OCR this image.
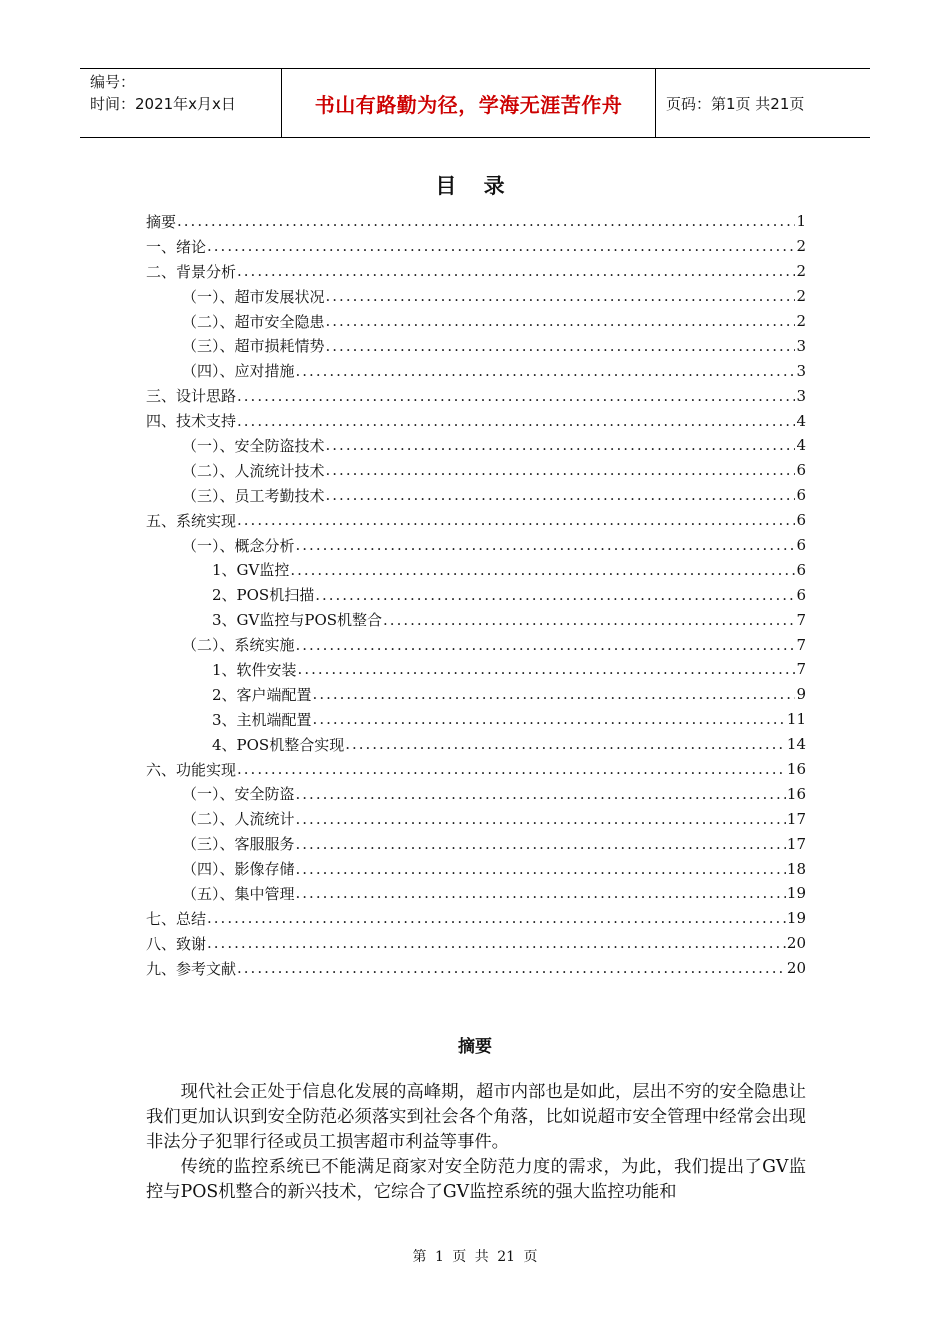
编号：
时间：2021年x月x日	书山有路勤为径，学海无涯苦作舟	页码：第1页 共21页
目 录
摘要 .....	1
一、绪论 .....	2
二、背景分析 .....	2
（一）、超市发展状况 .....	2
（二）、超市安全隐患 .....	2
（三）、超市损耗情势 .....	3
（四）、应对措施 .....	3
三、设计思路 .....	3
四、技术支持 .....	4
（一）、安全防盗技术 .....	4
（二）、人流统计技术 .....	6
（三）、员工考勤技术 .....	6
五、系统实现 .....	6
（一）、概念分析 .....	6
1、GV监控 .....	6
2、POS机扫描 .....	6
3、GV监控与POS机整合 .....	7
（二）、系统实施 .....	7
1、软件安装 .....	7
2、客户端配置 .....	9
3、主机端配置 .....	11
4、POS机整合实现 .....	14
六、功能实现 .....	16
（一）、安全防盗 .....	16
（二）、人流统计 .....	17
（三）、客服服务 .....	17
（四）、影像存储 .....	18
（五）、集中管理 .....	19
七、总结 .....	19
八、致谢 .....	20
九、参考文献 .....	20
摘要

现代社会正处于信息化发展的高峰期，超市内部也是如此，层出不穷的安全隐患让我们更加认识到安全防范必须落实到社会各个角落，比如说超市安全管理中经常会出现非法分子犯罪行径或员工损害超市利益等事件。

传统的监控系统已不能满足商家对安全防范力度的需求，为此，我们提出了GV监控与POS机整合的新兴技术，它综合了GV监控系统的强大监控功能和

第 1 页 共 21 页
